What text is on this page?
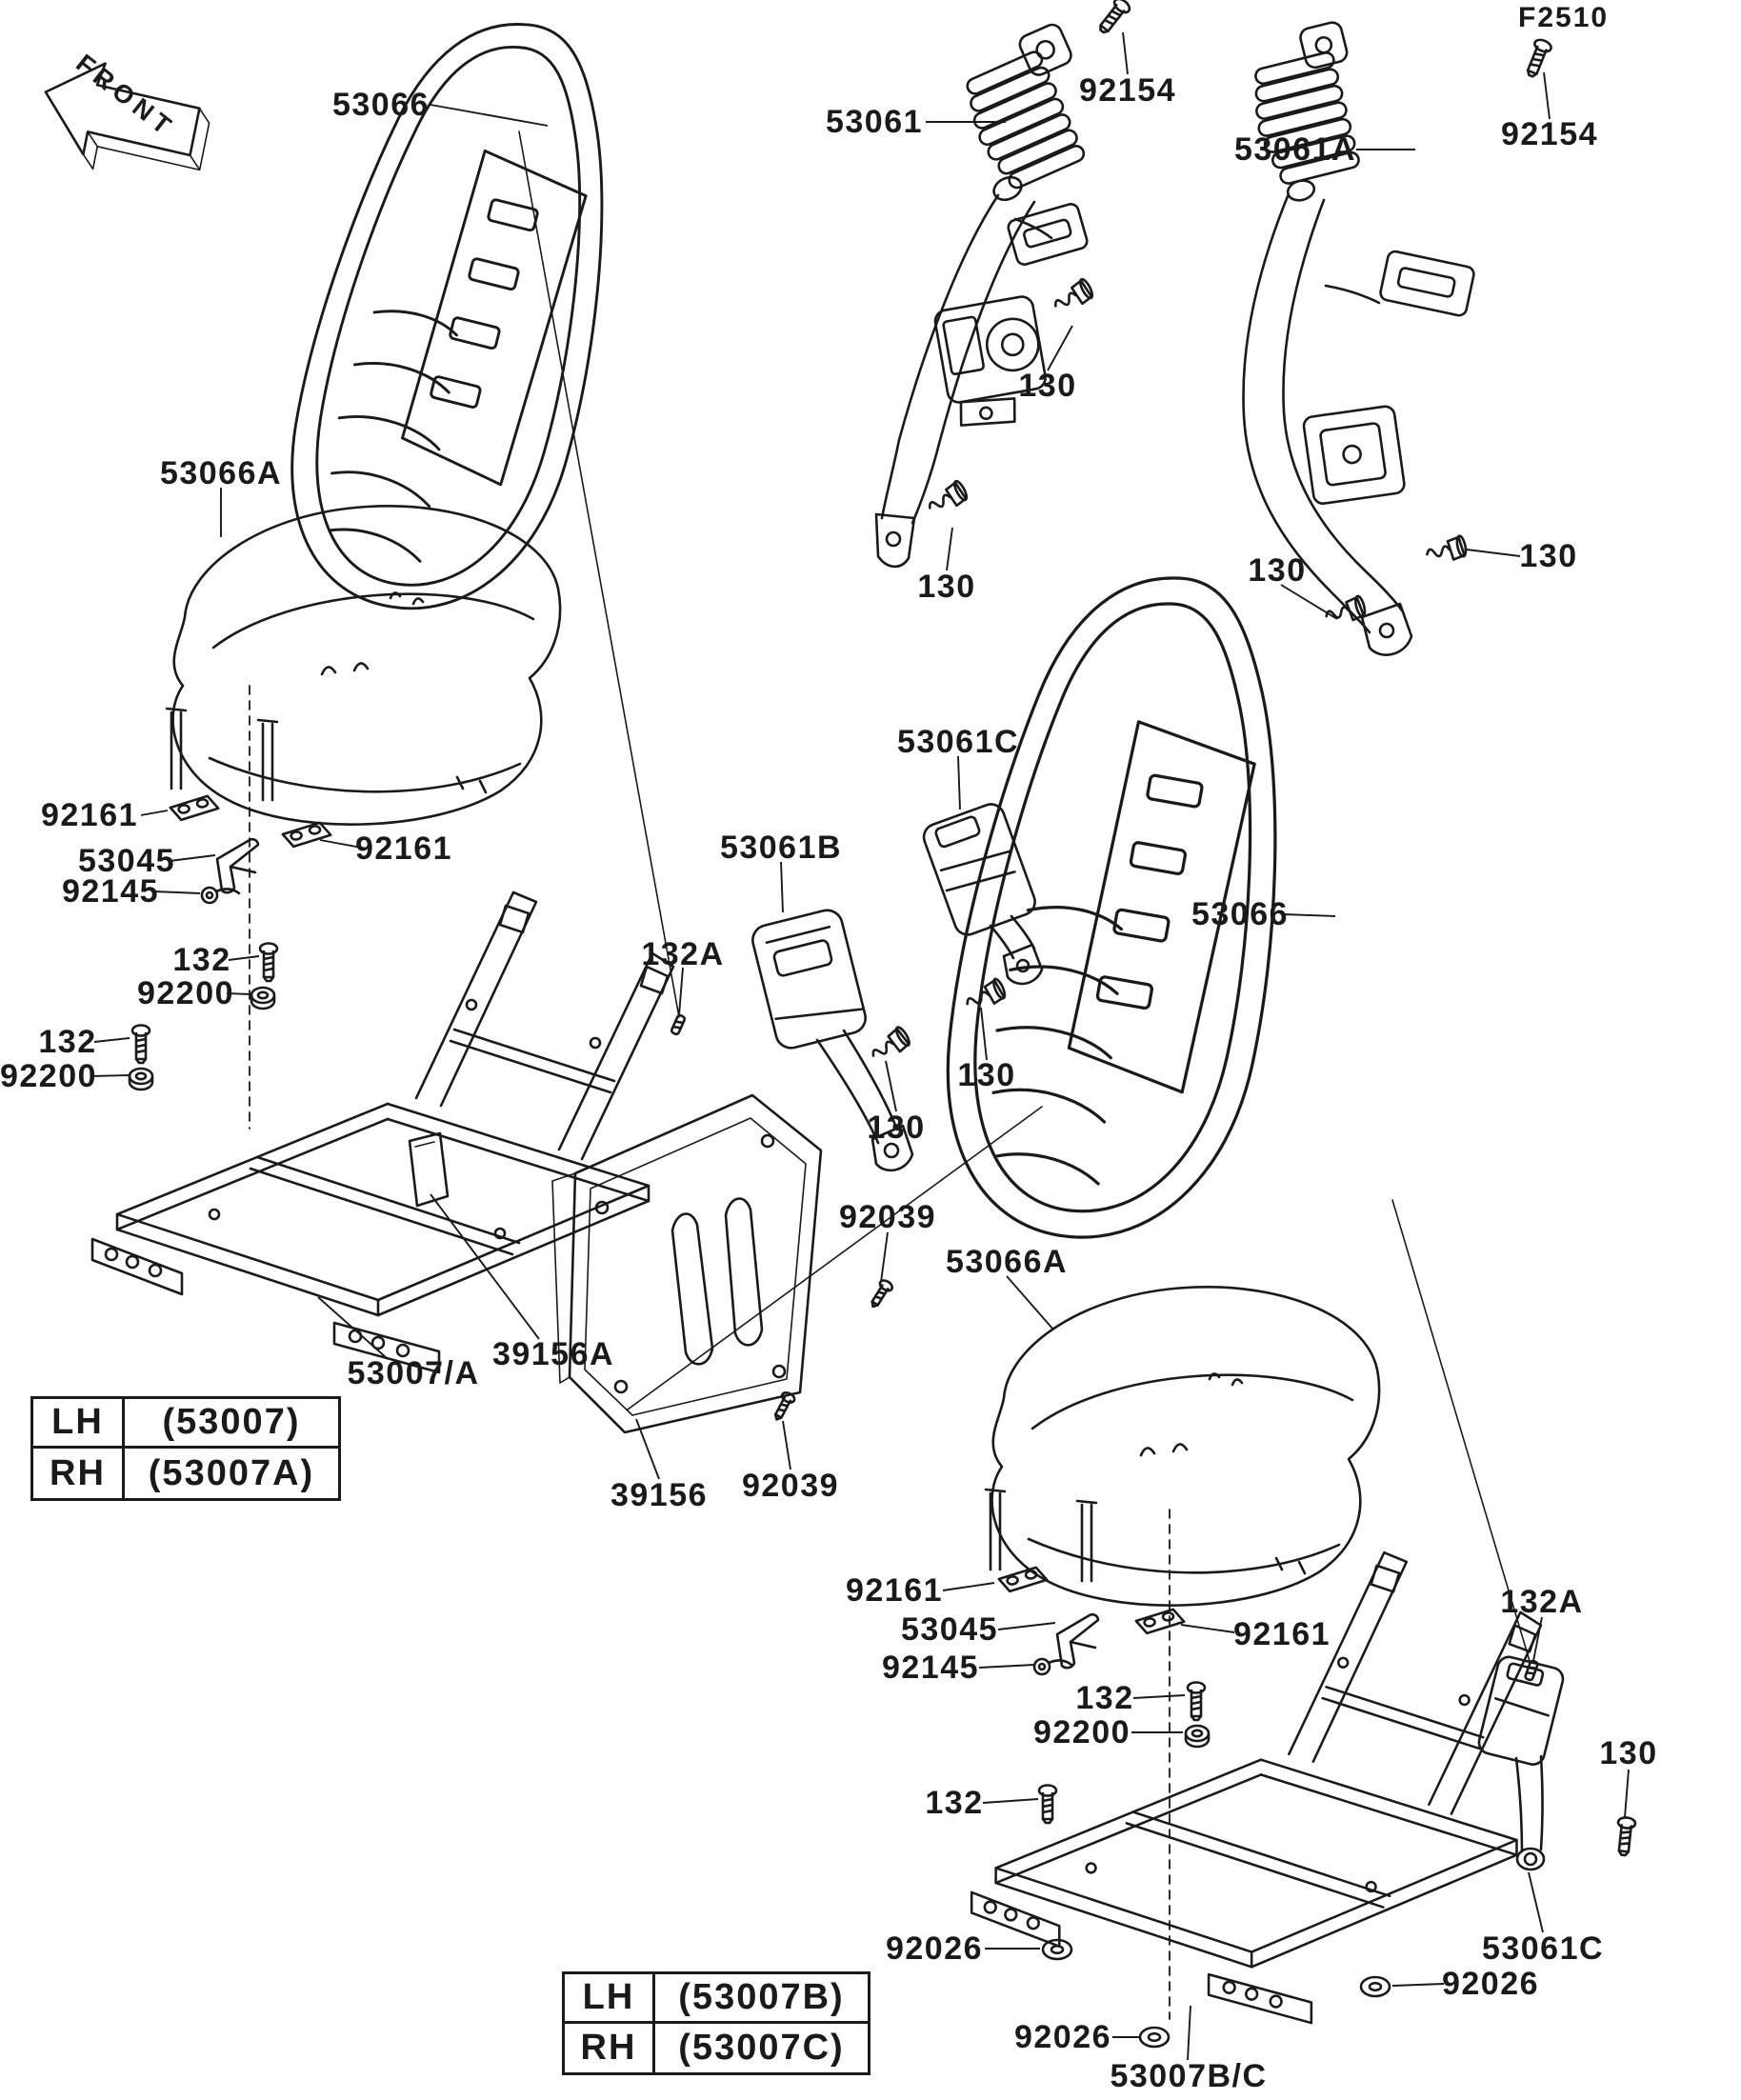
F2510
FRONT	53066	53061
92154
53061A	92154
130
130	130	130
53061C
53061B
132A
130
130
53066
53066A
92161
53045
92145
92161
132
92200
132
92200
53007/A
39156A
39156
92039
92039
53066A
92161
53045
92145
92161
132
92200
132
132A
130
53061C
92026
92026
92026
53007B/C
LH	(53007)
RH	(53007A)
LH	(53007B)
RH	(53007C)
